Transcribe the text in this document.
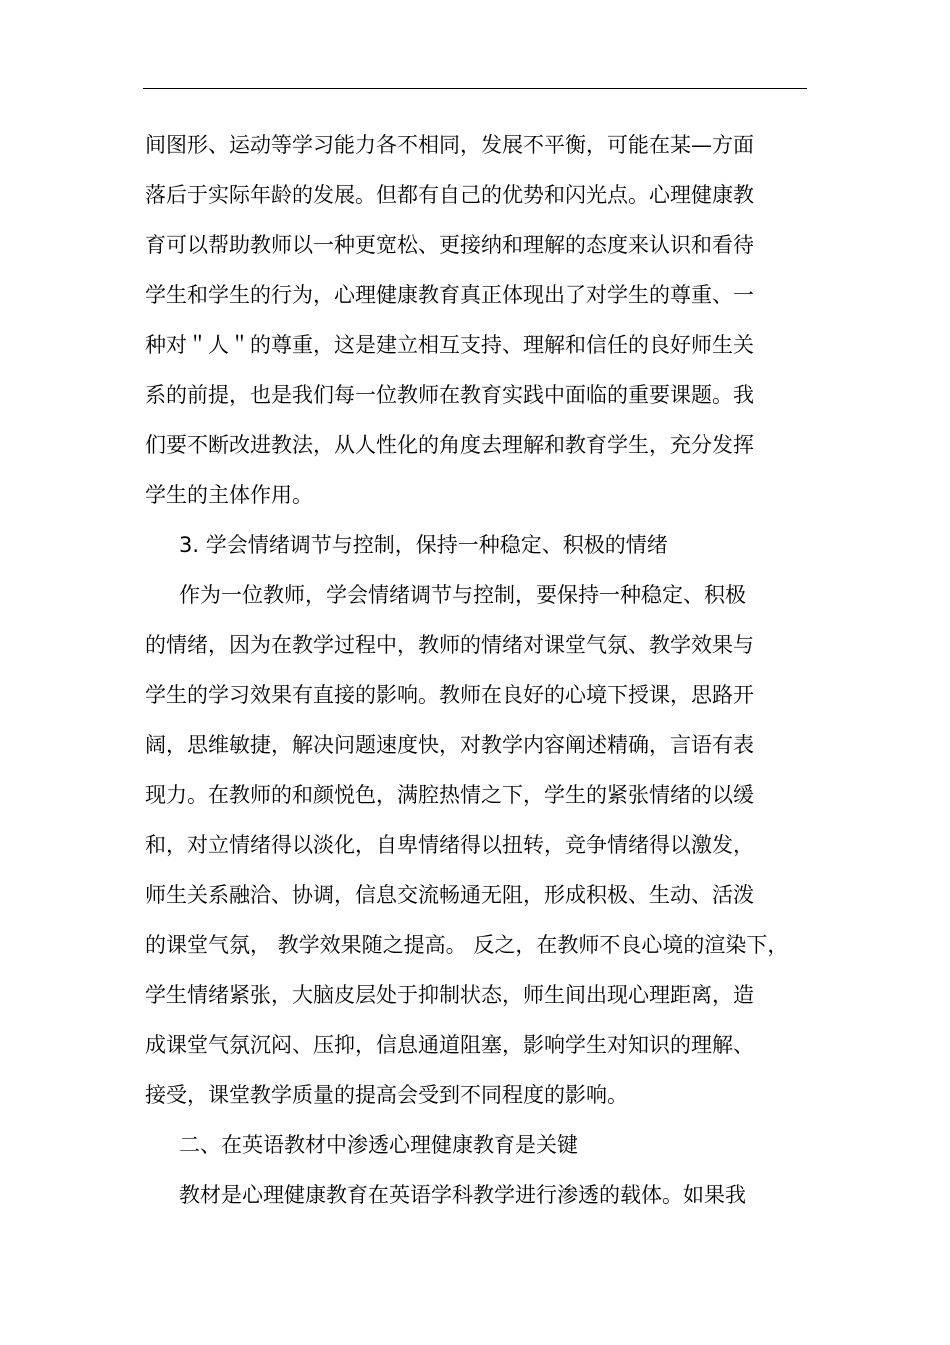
间图形、运动等学习能力各不相同，发展不平衡，可能在某—方面
落后于实际年龄的发展。但都有自己的优势和闪光点。心理健康教
育可以帮助教师以一种更宽松、更接纳和理解的态度来认识和看待
学生和学生的行为，心理健康教育真正体现出了对学生的尊重、一
种对＂人＂的尊重，这是建立相互支持、理解和信任的良好师生关
系的前提，也是我们每一位教师在教育实践中面临的重要课题。我
们要不断改进教法，从人性化的角度去理解和教育学生，充分发挥
学生的主体作用。
3. 学会情绪调节与控制，保持一种稳定、积极的情绪
作为一位教师，学会情绪调节与控制，要保持一种稳定、积极
的情绪，因为在教学过程中，教师的情绪对课堂气氛、教学效果与
学生的学习效果有直接的影响。教师在良好的心境下授课，思路开
阔，思维敏捷，解决问题速度快，对教学内容阐述精确，言语有表
现力。在教师的和颜悦色，满腔热情之下，学生的紧张情绪的以缓
和，对立情绪得以淡化，自卑情绪得以扭转，竞争情绪得以激发，
师生关系融洽、协调，信息交流畅通无阻，形成积极、生动、活泼
的课堂气氛， 教学效果随之提高。 反之，在教师不良心境的渲染下，
学生情绪紧张，大脑皮层处于抑制状态，师生间出现心理距离，造
成课堂气氛沉闷、压抑，信息通道阻塞，影响学生对知识的理解、
接受，课堂教学质量的提高会受到不同程度的影响。
二、在英语教材中渗透心理健康教育是关键
教材是心理健康教育在英语学科教学进行渗透的载体。如果我
